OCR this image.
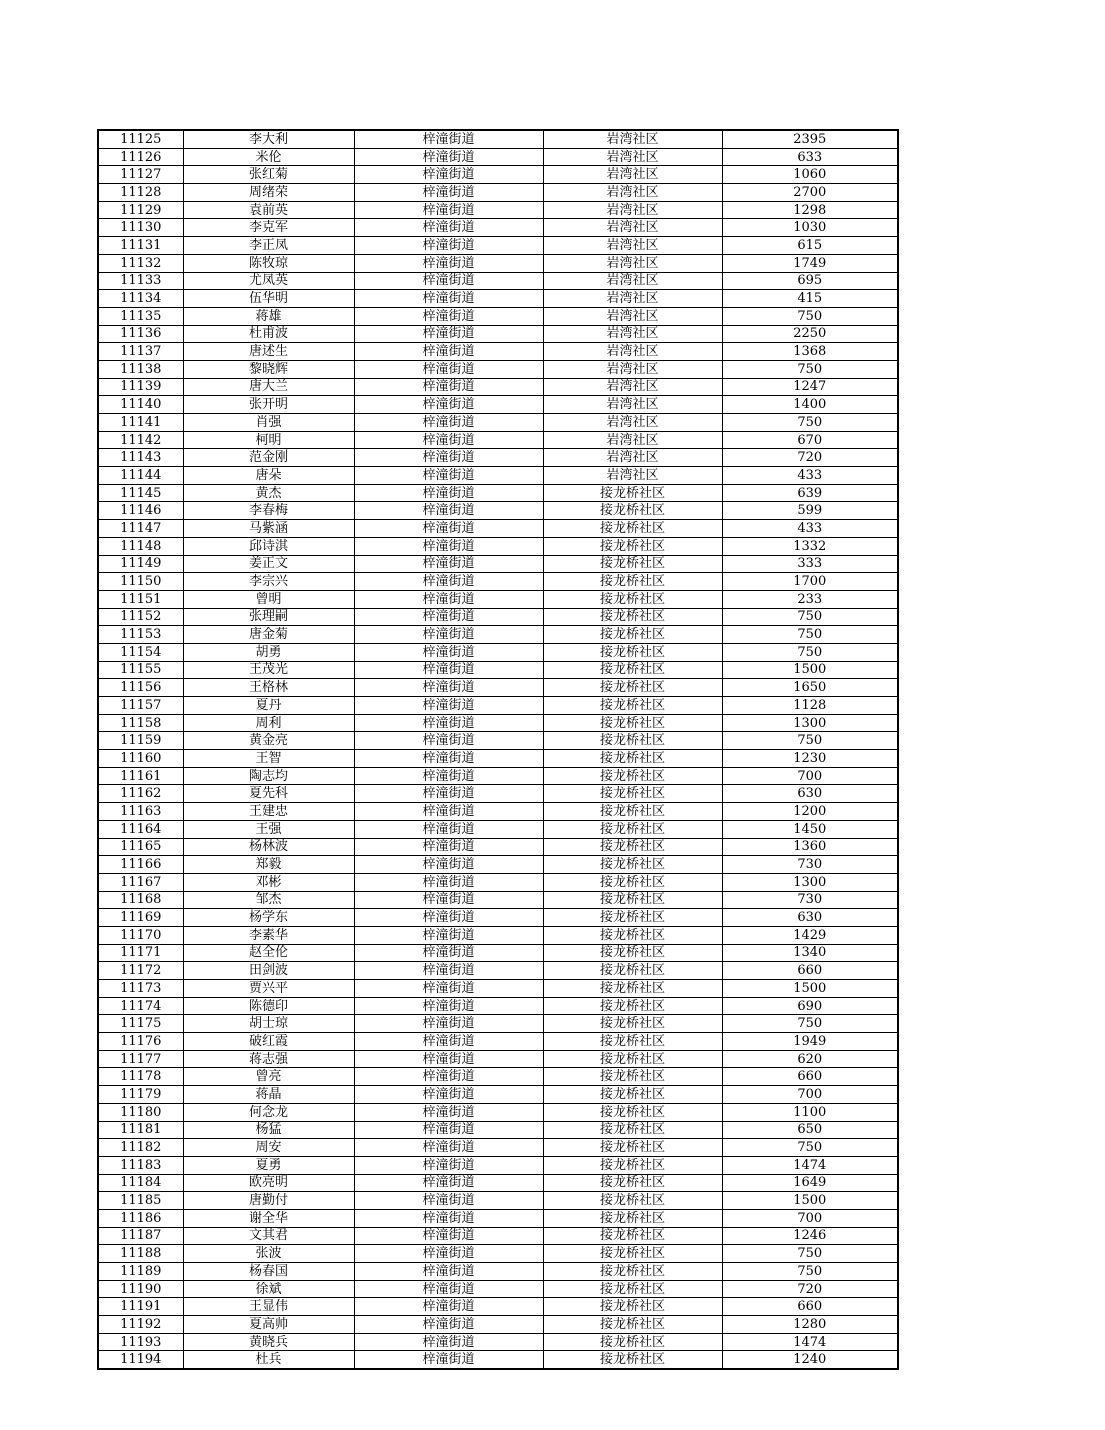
11125	李大利	梓潼街道	岩湾社区	2395
11126	米伦	梓潼街道	岩湾社区	633
11127	张红菊	梓潼街道	岩湾社区	1060
11128	周绪荣	梓潼街道	岩湾社区	2700
11129	袁前英	梓潼街道	岩湾社区	1298
11130	李克军	梓潼街道	岩湾社区	1030
11131	李正凤	梓潼街道	岩湾社区	615
11132	陈牧琼	梓潼街道	岩湾社区	1749
11133	尤凤英	梓潼街道	岩湾社区	695
11134	伍华明	梓潼街道	岩湾社区	415
11135	蒋雄	梓潼街道	岩湾社区	750
11136	杜甫波	梓潼街道	岩湾社区	2250
11137	唐述生	梓潼街道	岩湾社区	1368
11138	黎晓辉	梓潼街道	岩湾社区	750
11139	唐大兰	梓潼街道	岩湾社区	1247
11140	张开明	梓潼街道	岩湾社区	1400
11141	肖强	梓潼街道	岩湾社区	750
11142	柯明	梓潼街道	岩湾社区	670
11143	范金刚	梓潼街道	岩湾社区	720
11144	唐朵	梓潼街道	岩湾社区	433
11145	黄杰	梓潼街道	接龙桥社区	639
11146	李春梅	梓潼街道	接龙桥社区	599
11147	马紫涵	梓潼街道	接龙桥社区	433
11148	邱诗淇	梓潼街道	接龙桥社区	1332
11149	姜正文	梓潼街道	接龙桥社区	333
11150	李宗兴	梓潼街道	接龙桥社区	1700
11151	曾明	梓潼街道	接龙桥社区	233
11152	张理嗣	梓潼街道	接龙桥社区	750
11153	唐金菊	梓潼街道	接龙桥社区	750
11154	胡勇	梓潼街道	接龙桥社区	750
11155	王茂光	梓潼街道	接龙桥社区	1500
11156	王格林	梓潼街道	接龙桥社区	1650
11157	夏丹	梓潼街道	接龙桥社区	1128
11158	周利	梓潼街道	接龙桥社区	1300
11159	黄金亮	梓潼街道	接龙桥社区	750
11160	王智	梓潼街道	接龙桥社区	1230
11161	陶志均	梓潼街道	接龙桥社区	700
11162	夏先科	梓潼街道	接龙桥社区	630
11163	王建忠	梓潼街道	接龙桥社区	1200
11164	王强	梓潼街道	接龙桥社区	1450
11165	杨林波	梓潼街道	接龙桥社区	1360
11166	郑毅	梓潼街道	接龙桥社区	730
11167	邓彬	梓潼街道	接龙桥社区	1300
11168	邹杰	梓潼街道	接龙桥社区	730
11169	杨学东	梓潼街道	接龙桥社区	630
11170	李素华	梓潼街道	接龙桥社区	1429
11171	赵全伦	梓潼街道	接龙桥社区	1340
11172	田剑波	梓潼街道	接龙桥社区	660
11173	贾兴平	梓潼街道	接龙桥社区	1500
11174	陈德印	梓潼街道	接龙桥社区	690
11175	胡士琼	梓潼街道	接龙桥社区	750
11176	破红霞	梓潼街道	接龙桥社区	1949
11177	蒋志强	梓潼街道	接龙桥社区	620
11178	曾亮	梓潼街道	接龙桥社区	660
11179	蒋晶	梓潼街道	接龙桥社区	700
11180	何念龙	梓潼街道	接龙桥社区	1100
11181	杨猛	梓潼街道	接龙桥社区	650
11182	周安	梓潼街道	接龙桥社区	750
11183	夏勇	梓潼街道	接龙桥社区	1474
11184	欧亮明	梓潼街道	接龙桥社区	1649
11185	唐勤付	梓潼街道	接龙桥社区	1500
11186	谢全华	梓潼街道	接龙桥社区	700
11187	文其君	梓潼街道	接龙桥社区	1246
11188	张波	梓潼街道	接龙桥社区	750
11189	杨春国	梓潼街道	接龙桥社区	750
11190	徐斌	梓潼街道	接龙桥社区	720
11191	王显伟	梓潼街道	接龙桥社区	660
11192	夏高帅	梓潼街道	接龙桥社区	1280
11193	黄晓兵	梓潼街道	接龙桥社区	1474
11194	杜兵	梓潼街道	接龙桥社区	1240
